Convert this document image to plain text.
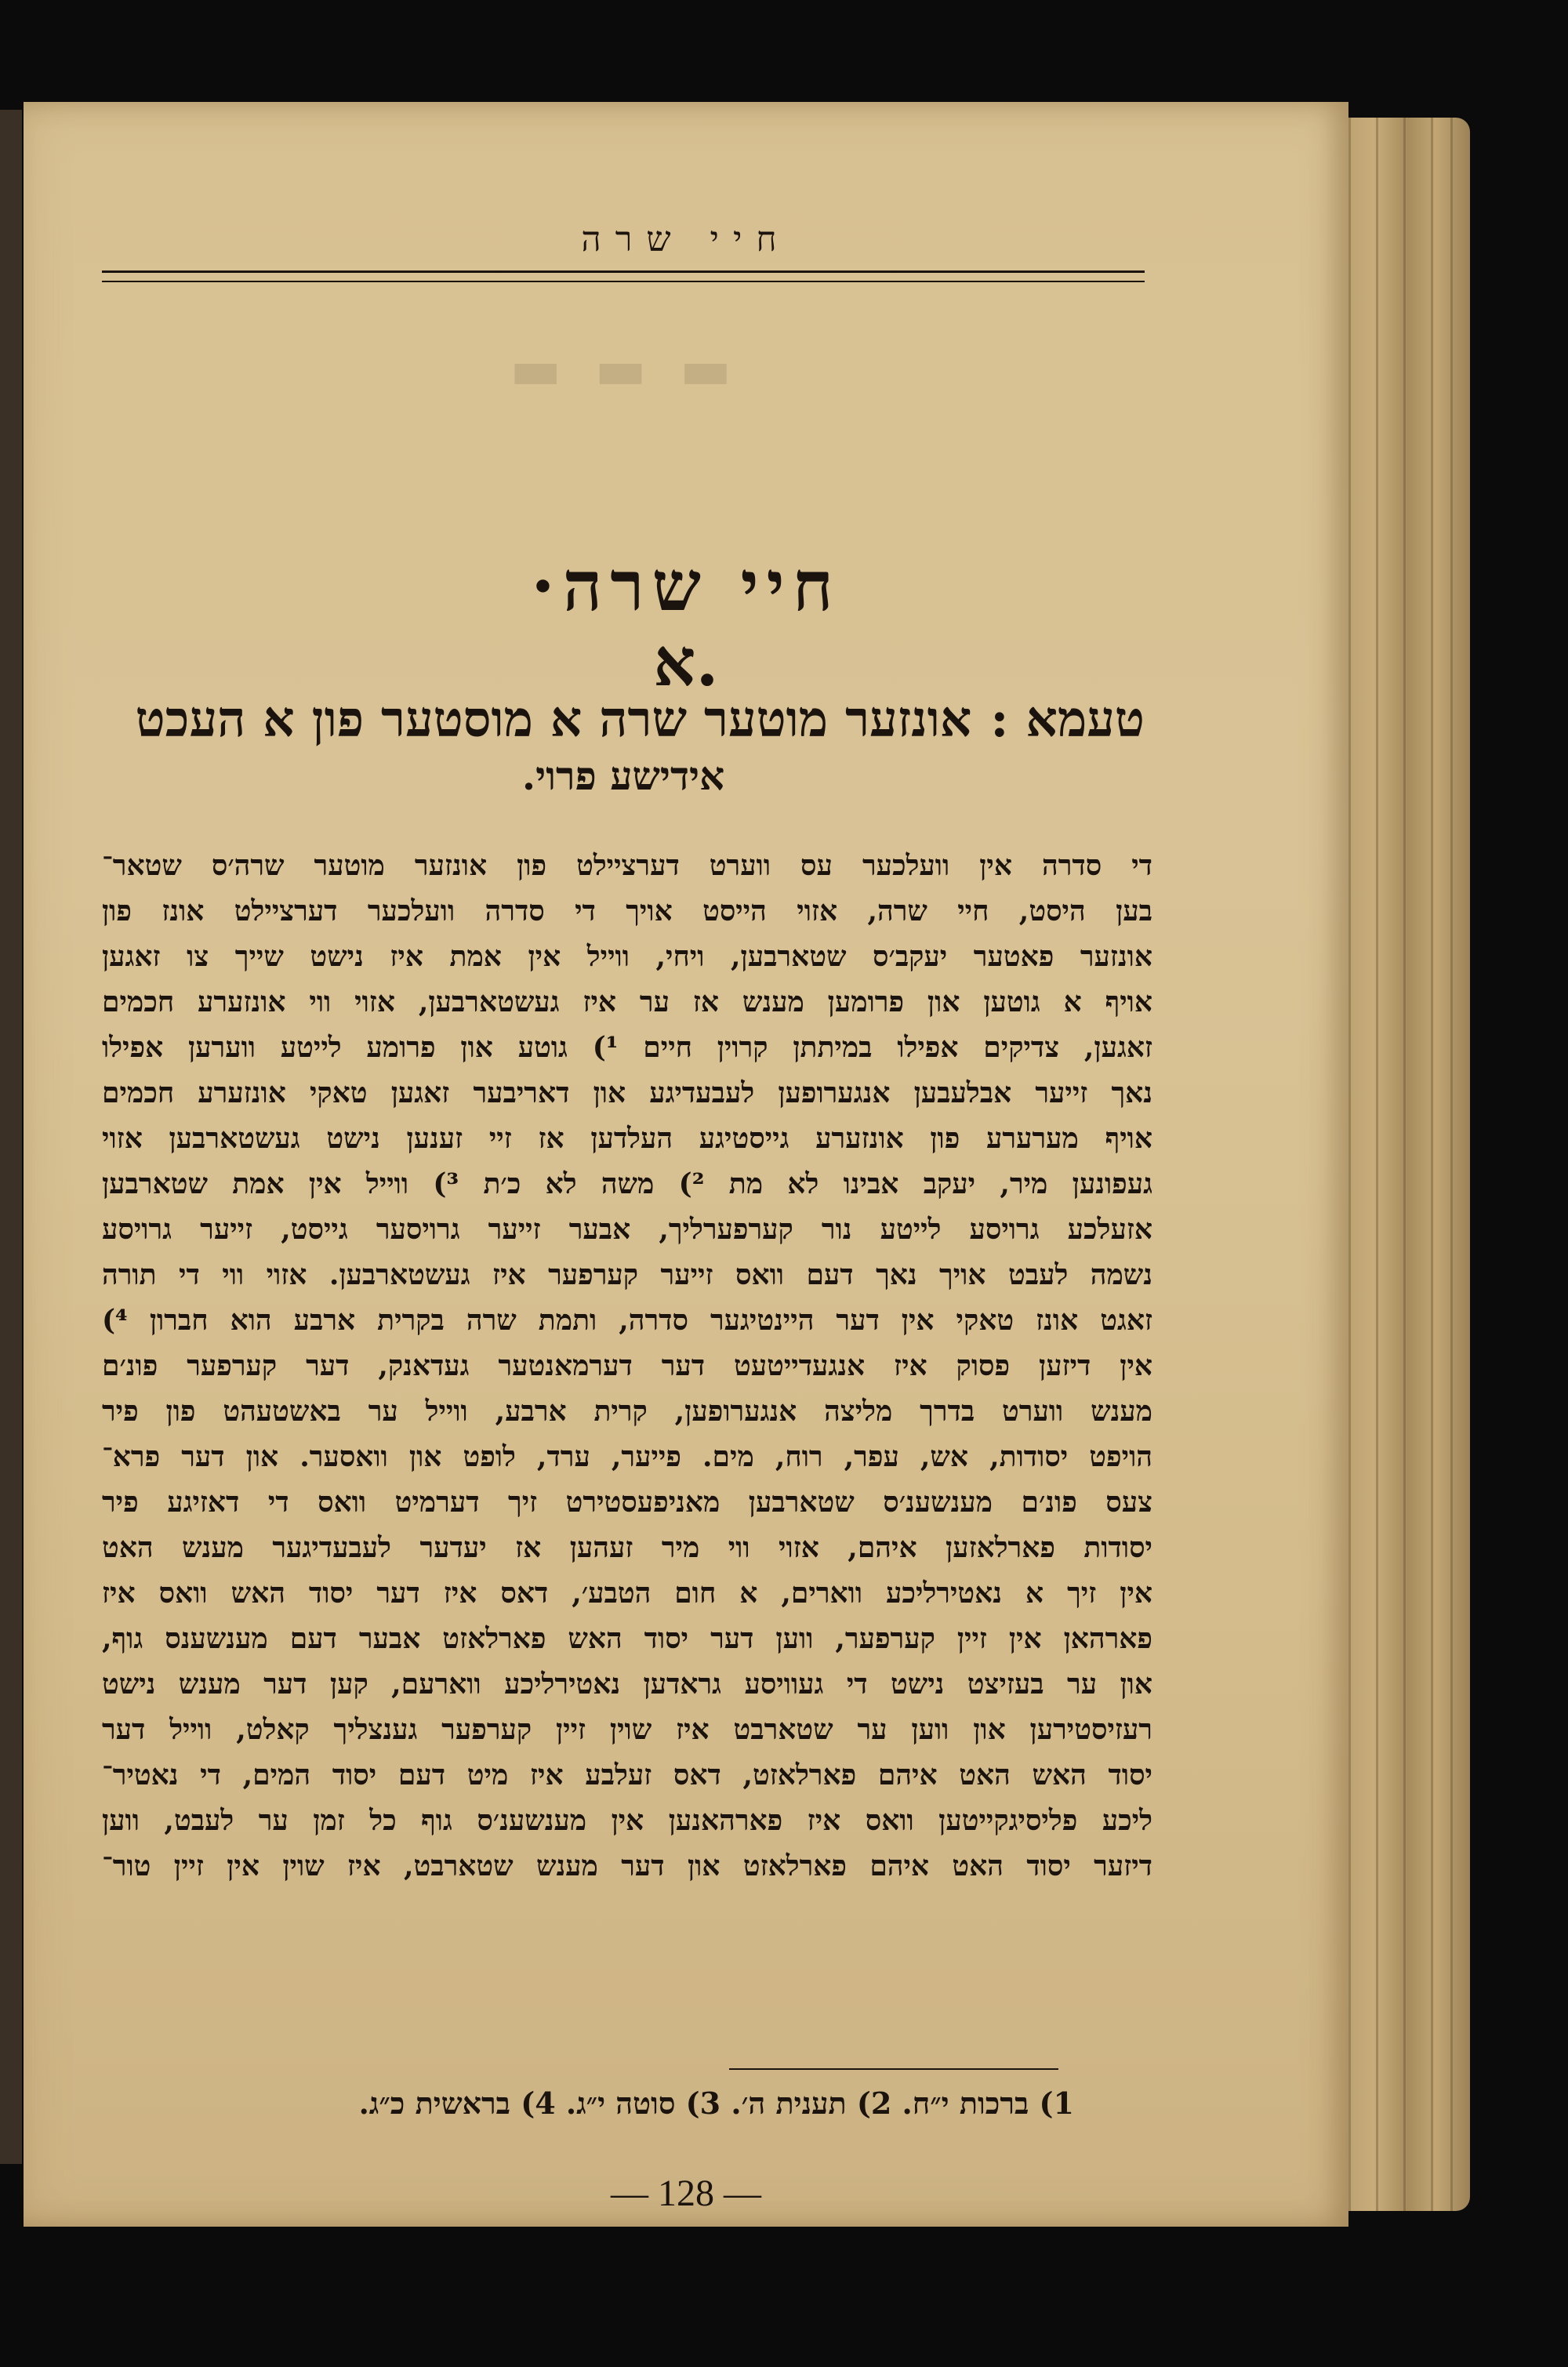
חיי שרה
▬ ▬ ▬
חיי שרה·
א.
טעמא :אונזער מוטער שרה א מוסטער פון א העכט
אידישע פרוי.
די סדרה אין וועלכער עס ווערט דערציילט פון אונזער מוטער שרה׳ס שטאר־
בען היסט, חיי שרה, אזוי הייסט אויך די סדרה וועלכער דערציילט אונז פון
אונזער פאטער יעקב׳ס שטארבען, ויחי, ווייל אין אמת איז נישט שייך צו זאגען
אויף א גוטען און פרומען מענש אז ער איז געשטארבען, אזוי ווי אונזערע חכמים
זאגען, צדיקים אפילו במיתתן קרוין חיים ¹) גוטע און פרומע לייטע ווערען אפילו
נאך זייער אבלעבען אנגערופען לעבעדיגע און דאריבער זאגען טאקי אונזערע חכמים
אויף מערערע פון אונזערע גייסטיגע העלדען אז זיי זענען נישט געשטארבען אזוי
געפונען מיר, יעקב אבינו לא מת ²) משה לא כ׳ת ³) ווייל אין אמת שטארבען
אזעלכע גרויסע לייטע נור קערפערליך, אבער זייער גרויסער גייסט, זייער גרויסע
נשמה לעבט אויך נאך דעם וואס זייער קערפער איז געשטארבען. אזוי ווי די תורה
זאגט אונז טאקי אין דער היינטיגער סדרה, ותמת שרה בקרית ארבע הוא חברון ⁴)
אין דיזען פסוק איז אנגעדייטעט דער דערמאנטער געדאנק, דער קערפער פונ׳ם
מענש ווערט בדרך מליצה אנגערופען, קרית ארבע, ווייל ער באשטעהט פון פיר
הויפט יסודות, אש, עפר, רוח, מים. פייער, ערד, לופט און וואסער. און דער פרא־
צעס פונ׳ם מענשענ׳ס שטארבען מאניפעסטירט זיך דערמיט וואס די דאזיגע פיר
יסודות פארלאזען איהם, אזוי ווי מיר זעהען אז יעדער לעבעדיגער מענש האט
אין זיך א נאטירליכע ווארים, א חום הטבע׳, דאס איז דער יסוד האש וואס איז
פארהאן אין זיין קערפער, ווען דער יסוד האש פארלאזט אבער דעם מענשענס גוף,
און ער בעזיצט נישט די געוויסע גראדען נאטירליכע ווארעם, קען דער מענש נישט
רעזיסטירען און ווען ער שטארבט איז שוין זיין קערפער גענצליך קאלט, ווייל דער
יסוד האש האט איהם פארלאזט, דאס זעלבע איז מיט דעם יסוד המים, די נאטיר־
ליכע פליסיגקייטען וואס איז פארהאנען אין מענשענ׳ס גוף כל זמן ער לעבט, ווען
דיזער יסוד האט איהם פארלאזט און דער מענש שטארבט, איז שוין אין זיין טור־
1) ברכות י״ח. 2) תענית ה׳. 3) סוטה י״ג. 4) בראשית כ״ג.
— 128 —
